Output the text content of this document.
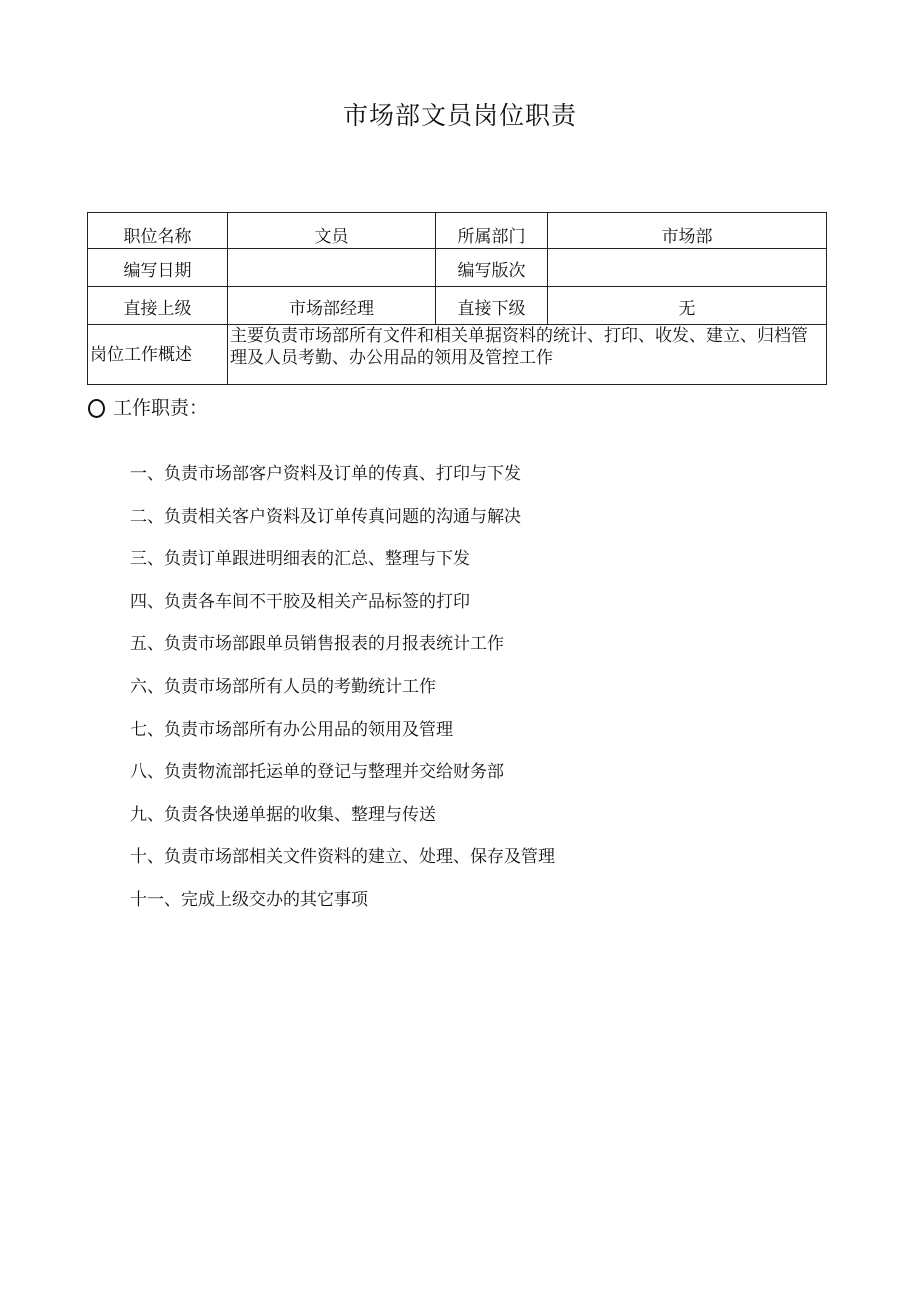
市场部文员岗位职责
职位名称	文员	所属部门	市场部
编写日期		编写版次	
直接上级	市场部经理	直接下级	无
岗位工作概述	主要负责市场部所有文件和相关单据资料的统计、打印、收发、建立、归档管理及人员考勤、办公用品的领用及管控工作		
工作职责：
一、负责市场部客户资料及订单的传真、打印与下发
二、负责相关客户资料及订单传真问题的沟通与解决
三、负责订单跟进明细表的汇总、整理与下发
四、负责各车间不干胶及相关产品标签的打印
五、负责市场部跟单员销售报表的月报表统计工作
六、负责市场部所有人员的考勤统计工作
七、负责市场部所有办公用品的领用及管理
八、负责物流部托运单的登记与整理并交给财务部
九、负责各快递单据的收集、整理与传送
十、负责市场部相关文件资料的建立、处理、保存及管理
十一、完成上级交办的其它事项
